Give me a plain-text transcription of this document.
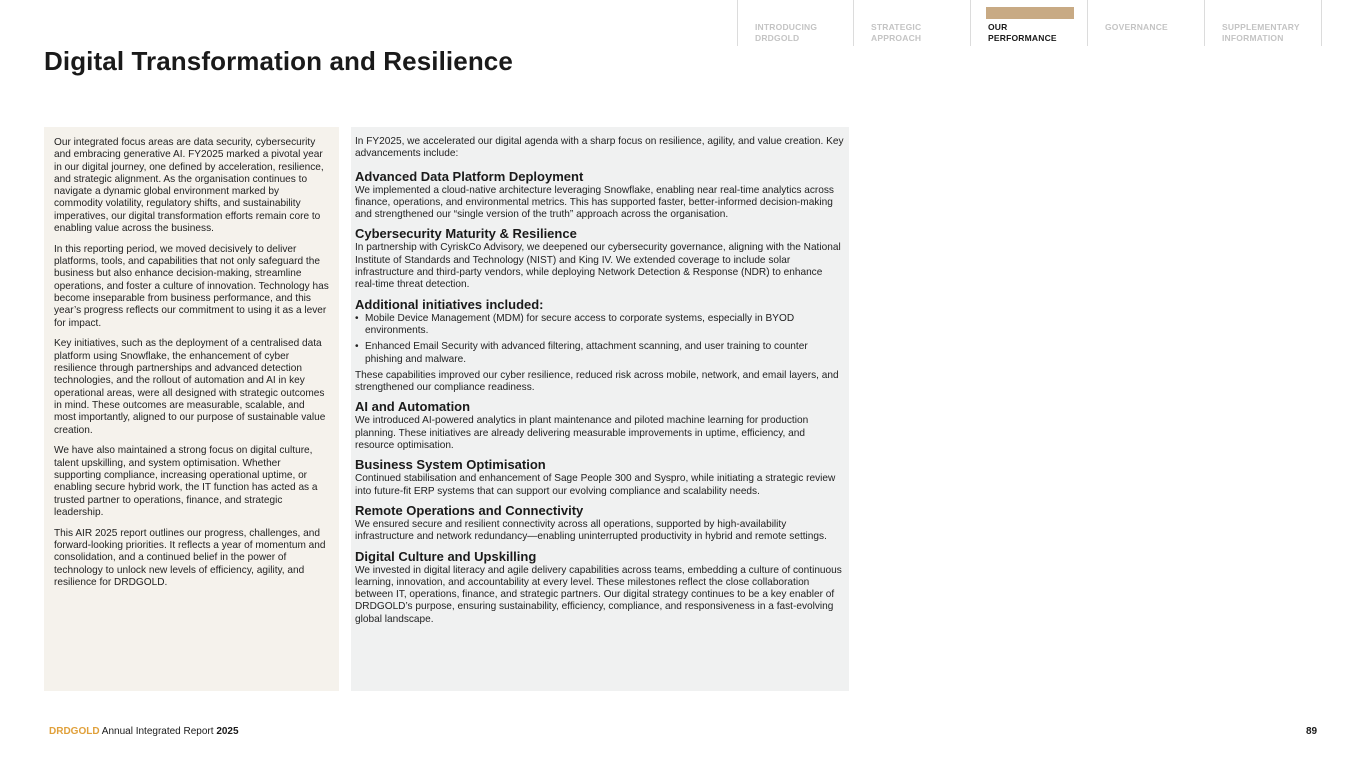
INTRODUCING
DRDGOLD
STRATEGIC
APPROACH
OUR
PERFORMANCE
GOVERNANCE	SUPPLEMENTARY
INFORMATION
Digital Transformation and Resilience

Our integrated focus areas are data security, cybersecurity and embracing generative AI. FY2025 marked a pivotal year in our digital journey, one defined by acceleration, resilience, and strategic alignment. As the organisation continues to navigate a dynamic global environment marked by commodity volatility, regulatory shifts, and sustainability imperatives, our digital transformation efforts remain core to enabling value across the business.

In this reporting period, we moved decisively to deliver platforms, tools, and capabilities that not only safeguard the business but also enhance decision-making, streamline operations, and foster a culture of innovation. Technology has become inseparable from business performance, and this year’s progress reflects our commitment to using it as a lever for impact.

Key initiatives, such as the deployment of a centralised data platform using Snowflake, the enhancement of cyber resilience through partnerships and advanced detection technologies, and the rollout of automation and AI in key operational areas, were all designed with strategic outcomes in mind. These outcomes are measurable, scalable, and most importantly, aligned to our purpose of sustainable value creation.

We have also maintained a strong focus on digital culture, talent upskilling, and system optimisation. Whether supporting compliance, increasing operational uptime, or enabling secure hybrid work, the IT function has acted as a trusted partner to operations, finance, and strategic leadership.

This AIR 2025 report outlines our progress, challenges, and forward-looking priorities. It reflects a year of momentum and consolidation, and a continued belief in the power of technology to unlock new levels of efficiency, agility, and resilience for DRDGOLD.

In FY2025, we accelerated our digital agenda with a sharp focus on resilience, agility, and value creation. Key advancements include:

Advanced Data Platform Deployment

We implemented a cloud-native architecture leveraging Snowflake, enabling near real-time analytics across finance, operations, and environmental metrics. This has supported faster, better-informed decision-making and strengthened our “single version of the truth” approach across the organisation.

Cybersecurity Maturity & Resilience

In partnership with CyriskCo Advisory, we deepened our cybersecurity governance, aligning with the National Institute of Standards and Technology (NIST) and King IV. We extended coverage to include solar infrastructure and third-party vendors, while deploying Network Detection & Response (NDR) to enhance real-time threat detection.

Additional initiatives included:
• Mobile Device Management (MDM) for secure access to corporate systems, especially in BYOD environments.
• Enhanced Email Security with advanced filtering, attachment scanning, and user training to counter phishing and malware.

These capabilities improved our cyber resilience, reduced risk across mobile, network, and email layers, and strengthened our compliance readiness.

AI and Automation

We introduced AI-powered analytics in plant maintenance and piloted machine learning for production planning. These initiatives are already delivering measurable improvements in uptime, efficiency, and resource optimisation.

Business System Optimisation

Continued stabilisation and enhancement of Sage People 300 and Syspro, while initiating a strategic review into future-fit ERP systems that can support our evolving compliance and scalability needs.

Remote Operations and Connectivity

We ensured secure and resilient connectivity across all operations, supported by high-availability infrastructure and network redundancy—enabling uninterrupted productivity in hybrid and remote settings.

Digital Culture and Upskilling

We invested in digital literacy and agile delivery capabilities across teams, embedding a culture of continuous learning, innovation, and accountability at every level. These milestones reflect the close collaboration between IT, operations, finance, and strategic partners. Our digital strategy continues to be a key enabler of DRDGOLD’s purpose, ensuring sustainability, efficiency, compliance, and responsiveness in a fast-evolving global landscape.

DRDGOLD Annual Integrated Report 2025	89
